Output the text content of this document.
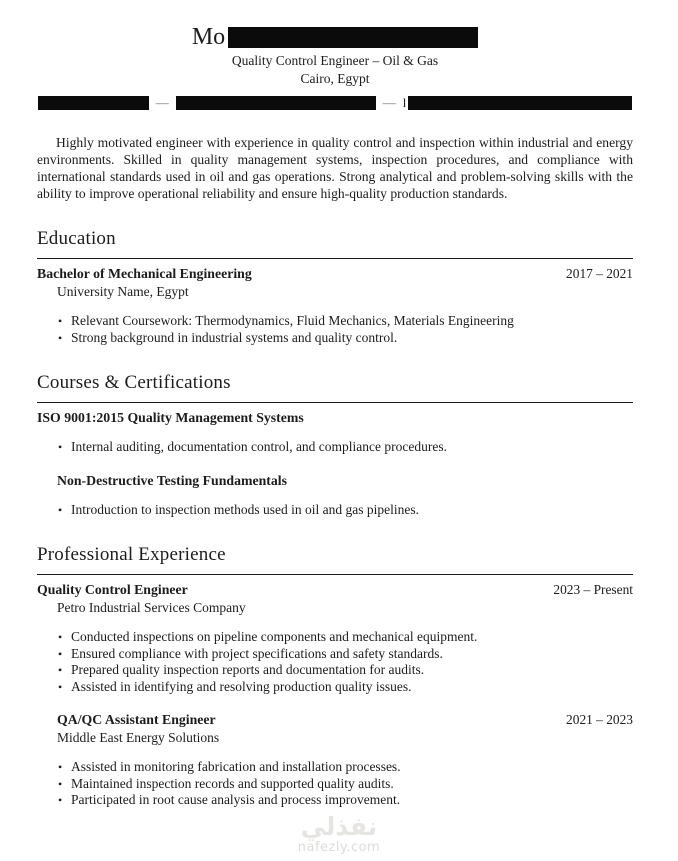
Mo
Quality Control Engineer – Oil & Gas
Cairo, Egypt
—	— l

Highly motivated engineer with experience in quality control and inspection within industrial and energy environments. Skilled in quality management systems, inspection procedures, and compliance with international standards used in oil and gas operations. Strong analytical and problem-solving skills with the ability to improve operational reliability and ensure high-quality production standards.

Education
Bachelor of Mechanical Engineering	2017 – 2021
University Name, Egypt
• Relevant Coursework: Thermodynamics, Fluid Mechanics, Materials Engineering
• Strong background in industrial systems and quality control.
Courses & Certifications
ISO 9001:2015 Quality Management Systems
• Internal auditing, documentation control, and compliance procedures.
Non-Destructive Testing Fundamentals
• Introduction to inspection methods used in oil and gas pipelines.
Professional Experience
Quality Control Engineer	2023 – Present
Petro Industrial Services Company
• Conducted inspections on pipeline components and mechanical equipment.
• Ensured compliance with project specifications and safety standards.
• Prepared quality inspection reports and documentation for audits.
• Assisted in identifying and resolving production quality issues.
QA/QC Assistant Engineer	2021 – 2023
Middle East Energy Solutions
• Assisted in monitoring fabrication and installation processes.
• Maintained inspection records and supported quality audits.
• Participated in root cause analysis and process improvement.
نفذلي
nafezly.com
